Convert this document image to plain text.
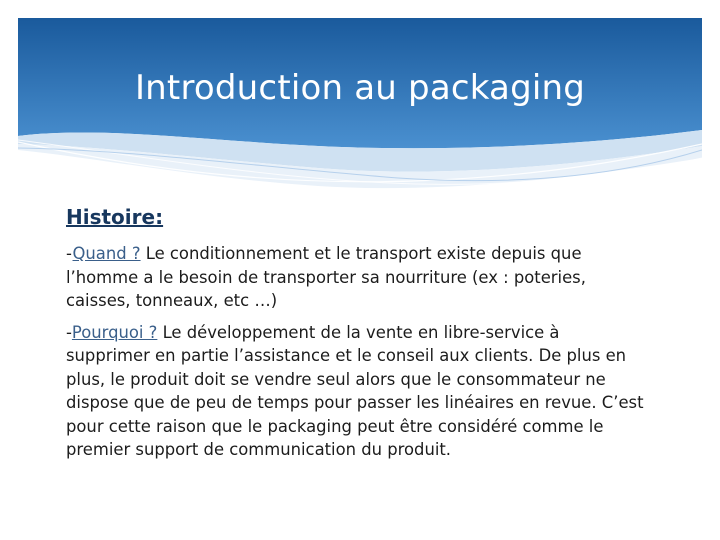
Introduction au packaging
Histoire:

-Quand ? Le conditionnement et le transport existe depuis que l’homme a le besoin de transporter sa nourriture (ex : poteries, caisses, tonneaux, etc …)

-Pourquoi ? Le développement de la vente en libre-service à supprimer en partie l’assistance et le conseil aux clients. De plus en plus, le produit doit se vendre seul alors que le consommateur ne dispose que de peu de temps pour passer les linéaires en revue. C’est pour cette raison que le packaging peut être considéré comme le premier support de communication du produit.
